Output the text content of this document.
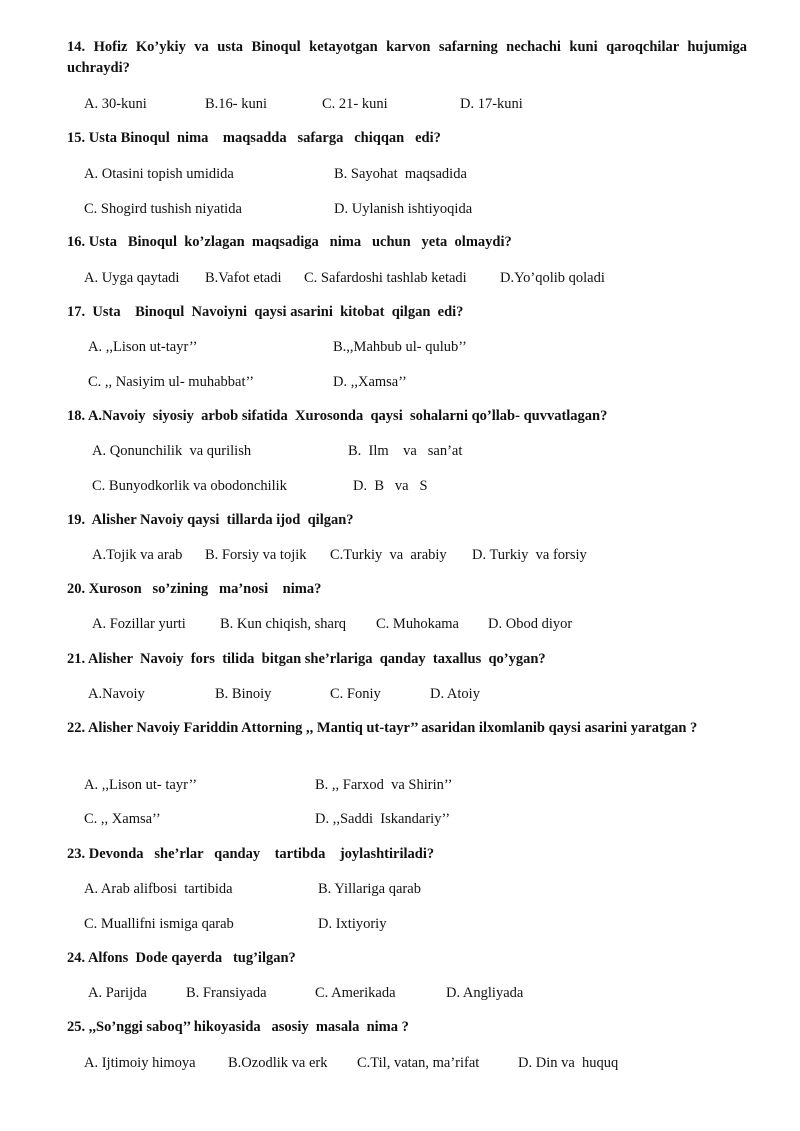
14. Hofiz Ko’ykiy va usta Binoqul ketayotgan karvon safarning nechachi kuni qaroqchilar hujumiga uchraydi?
A. 30-kuni	B.16- kuni	C. 21- kuni	D. 17-kuni
15. Usta Binoqul  nima    maqsadda   safarga   chiqqan   edi?
A. Otasini topish umidida	B. Sayohat  maqsadida
C. Shogird tushish niyatida	D. Uylanish ishtiyoqida
16. Usta   Binoqul  ko’zlagan  maqsadiga   nima   uchun   yeta  olmaydi?
A. Uyga qaytadi B.Vafot etadi C. Safardoshi tashlab ketadi D.Yo’qolib qoladi
17.  Usta    Binoqul  Navoiyni  qaysi asarini  kitobat  qilgan  edi?
A. ,,Lison ut-tayr’’	B.,,Mahbub ul- qulub’’
C. ,, Nasiyim ul- muhabbat’’	D. ,,Xamsa’’
18. A.Navoiy  siyosiy  arbob sifatida  Xurosonda  qaysi  sohalarni qo’llab- quvvatlagan?
A. Qonunchilik  va qurilish	B.  Ilm    va   san’at
C. Bunyodkorlik va obodonchilik	D.  B   va   S
19.  Alisher Navoiy qaysi  tillarda ijod  qilgan?
A.Tojik va arab B. Forsiy va tojik C.Turkiy  va  arabiy D. Turkiy  va forsiy
20. Xuroson   so’zining   ma’nosi    nima?
A. Fozillar yurti B. Kun chiqish, sharq C. Muhokama D. Obod diyor
21. Alisher  Navoiy  fors  tilida  bitgan she’rlariga  qanday  taxallus  qo’ygan?
A.Navoiy	B. Binoiy	C. Foniy	D. Atoiy
22. Alisher Navoiy Fariddin Attorning ,, Mantiq ut-tayr’’ asaridan ilxomlanib qaysi asarini yaratgan ?
A. ,,Lison ut- tayr’’	B. ,, Farxod  va Shirin’’
C. ,, Xamsa’’	D. ,,Saddi  Iskandariy’’
23. Devonda   she’rlar   qanday    tartibda    joylashtiriladi?
A. Arab alifbosi  tartibida	B. Yillariga qarab
C. Muallifni ismiga qarab	D. Ixtiyoriy
24. Alfons  Dode qayerda   tug’ilgan?
A. Parijda	B. Fransiyada	C. Amerikada	D. Angliyada
25. ,,So’nggi saboq’’ hikoyasida   asosiy  masala  nima ?
A. Ijtimoiy himoya B.Ozodlik va erk C.Til, vatan, ma’rifat	D. Din va  huquq
